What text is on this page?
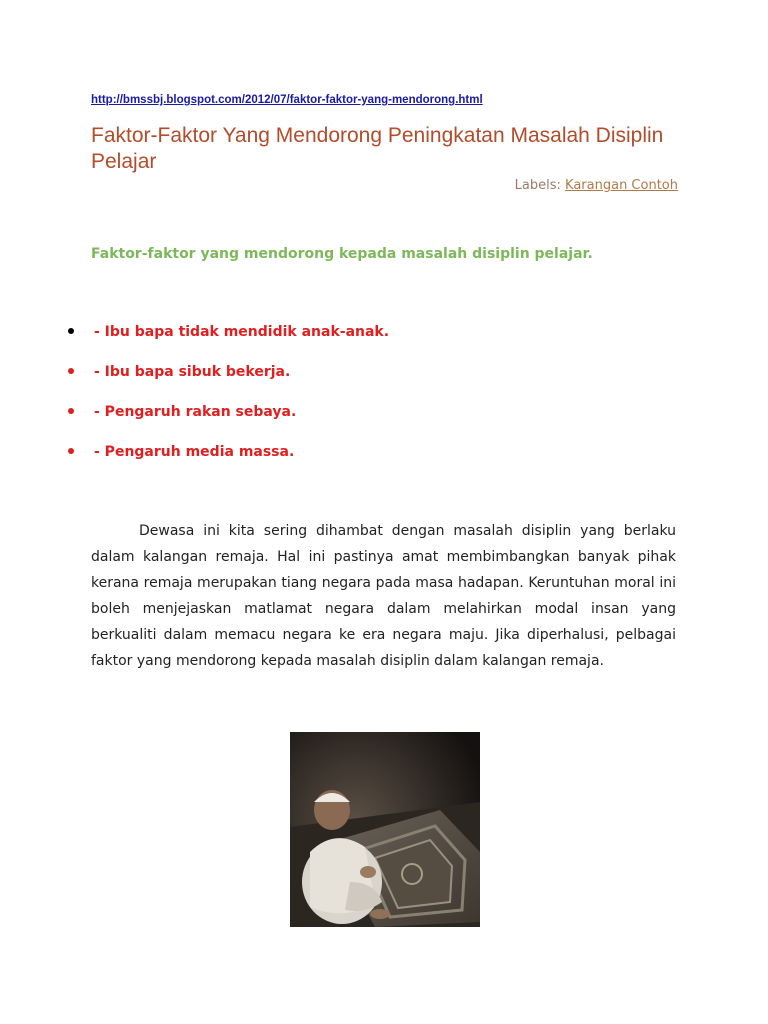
http://bmssbj.blogspot.com/2012/07/faktor-faktor-yang-mendorong.html
Faktor-Faktor Yang Mendorong Peningkatan Masalah Disiplin Pelajar
Labels: Karangan Contoh
Faktor-faktor yang mendorong kepada masalah disiplin pelajar.
- Ibu bapa tidak mendidik anak-anak.
- Ibu bapa sibuk bekerja.
- Pengaruh rakan sebaya.
- Pengaruh media massa.

Dewasa ini kita sering dihambat dengan masalah disiplin yang berlaku dalam kalangan remaja. Hal ini pastinya amat membimbangkan banyak pihak kerana remaja merupakan tiang negara pada masa hadapan. Keruntuhan moral ini boleh menjejaskan matlamat negara dalam melahirkan modal insan yang berkualiti dalam memacu negara ke era negara maju. Jika diperhalusi, pelbagai faktor yang mendorong kepada masalah disiplin dalam kalangan remaja.
